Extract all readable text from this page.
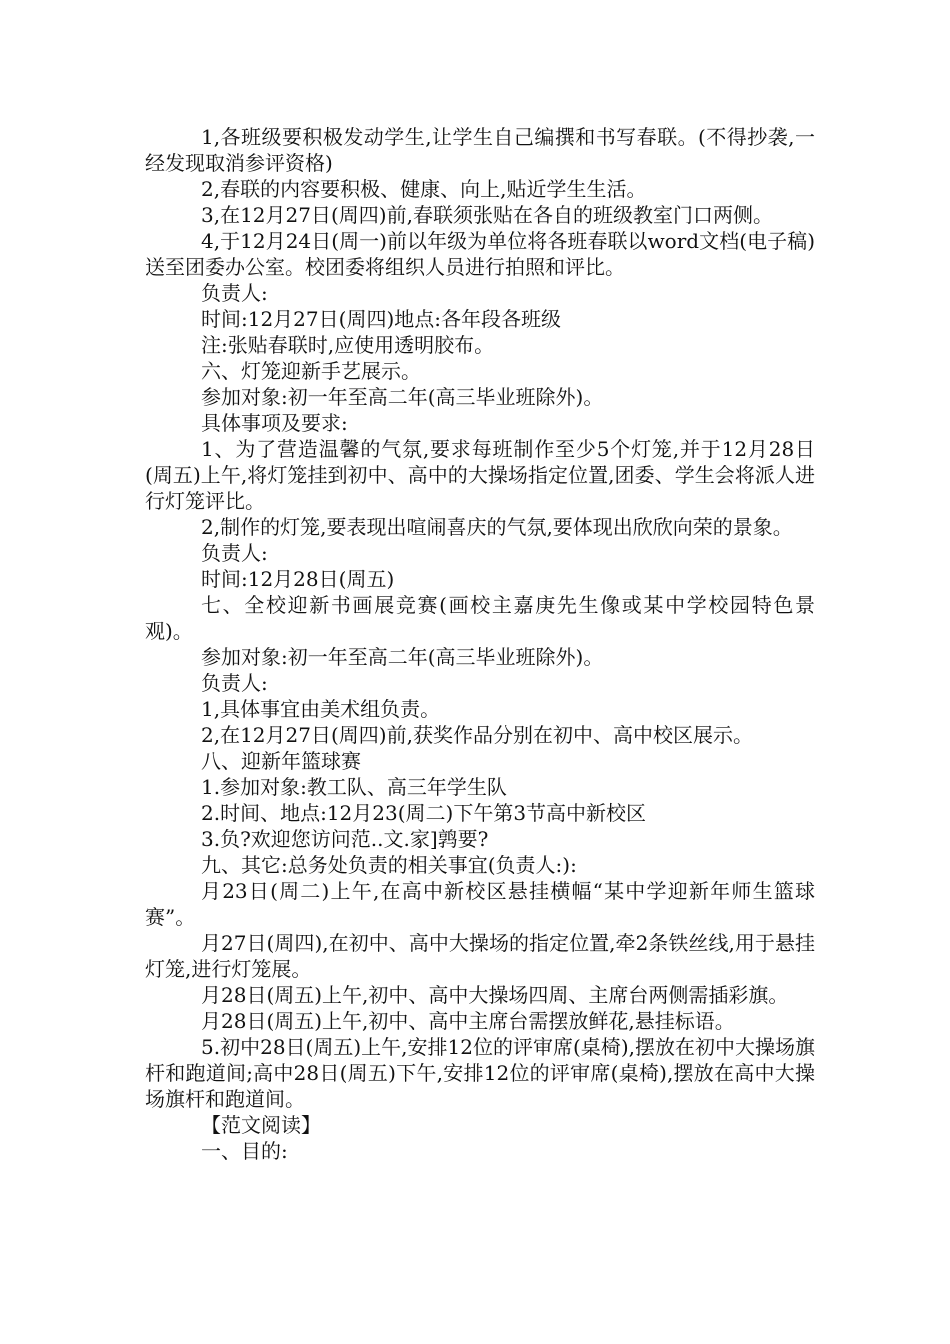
1,各班级要积极发动学生,让学生自己编撰和书写春联。(不得抄袭,一经发现取消参评资格)

2,春联的内容要积极、健康、向上,贴近学生生活。

3,在12月27日(周四)前,春联须张贴在各自的班级教室门口两侧。

4,于12月24日(周一)前以年级为单位将各班春联以word文档(电子稿)送至团委办公室。校团委将组织人员进行拍照和评比。

负责人:

时间:12月27日(周四)地点:各年段各班级

注:张贴春联时,应使用透明胶布。

六、灯笼迎新手艺展示。

参加对象:初一年至高二年(高三毕业班除外)。

具体事项及要求:

1、为了营造温馨的气氛,要求每班制作至少5个灯笼,并于12月28日(周五)上午,将灯笼挂到初中、高中的大操场指定位置,团委、学生会将派人进行灯笼评比。

2,制作的灯笼,要表现出喧闹喜庆的气氛,要体现出欣欣向荣的景象。

负责人:

时间:12月28日(周五)

七、全校迎新书画展竞赛(画校主嘉庚先生像或某中学校园特色景观)。

参加对象:初一年至高二年(高三毕业班除外)。

负责人:

1,具体事宜由美术组负责。

2,在12月27日(周四)前,获奖作品分别在初中、高中校区展示。

八、迎新年篮球赛

1.参加对象:教工队、高三年学生队

2.时间、地点:12月23(周二)下午第3节高中新校区

3.负?欢迎您访问范..文.家]鹑要?

九、其它:总务处负责的相关事宜(负责人:):

月23日(周二)上午,在高中新校区悬挂横幅“某中学迎新年师生篮球赛”。

月27日(周四),在初中、高中大操场的指定位置,牵2条铁丝线,用于悬挂灯笼,进行灯笼展。

月28日(周五)上午,初中、高中大操场四周、主席台两侧需插彩旗。

月28日(周五)上午,初中、高中主席台需摆放鲜花,悬挂标语。

5.初中28日(周五)上午,安排12位的评审席(桌椅),摆放在初中大操场旗杆和跑道间;高中28日(周五)下午,安排12位的评审席(桌椅),摆放在高中大操场旗杆和跑道间。

【范文阅读】

一、目的:
